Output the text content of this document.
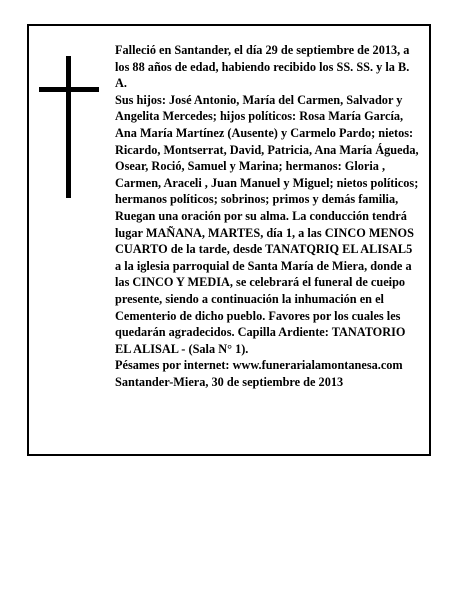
Falleció en Santander, el día 29 de septiembre de 2013, a los 88 años de edad, habiendo recibido los SS. SS. y la B. A.

Sus hijos: José Antonio, María del Carmen, Salvador y Angelita Mercedes; hijos políticos: Rosa María García, Ana María Martínez (Ausente) y Carmelo Pardo; nietos: Ricardo, Montserrat, David, Patricia, Ana María Águeda, Osear, Roció, Samuel y Marina; hermanos: Gloria , Carmen, Araceli , Juan Manuel y Miguel; nietos políticos; hermanos políticos; sobrinos; primos y demás familia,

Ruegan una oración por su alma. La conducción tendrá lugar MAÑANA, MARTES, día 1, a las CINCO MENOS CUARTO de la tarde, desde TANATQRIQ EL ALISAL5 a la iglesia parroquial de Santa María de Miera, donde a las CINCO Y MEDIA, se celebrará el funeral de cueipo presente, siendo a continuación la inhumación en el Cementerio de dicho pueblo. Favores por los cuales les quedarán agradecidos. Capilla Ardiente: TANATORIO EL ALISAL - (Sala N° 1).

Pésames por internet: www.funerarialamontanesa.com

Santander-Miera, 30 de septiembre de 2013
